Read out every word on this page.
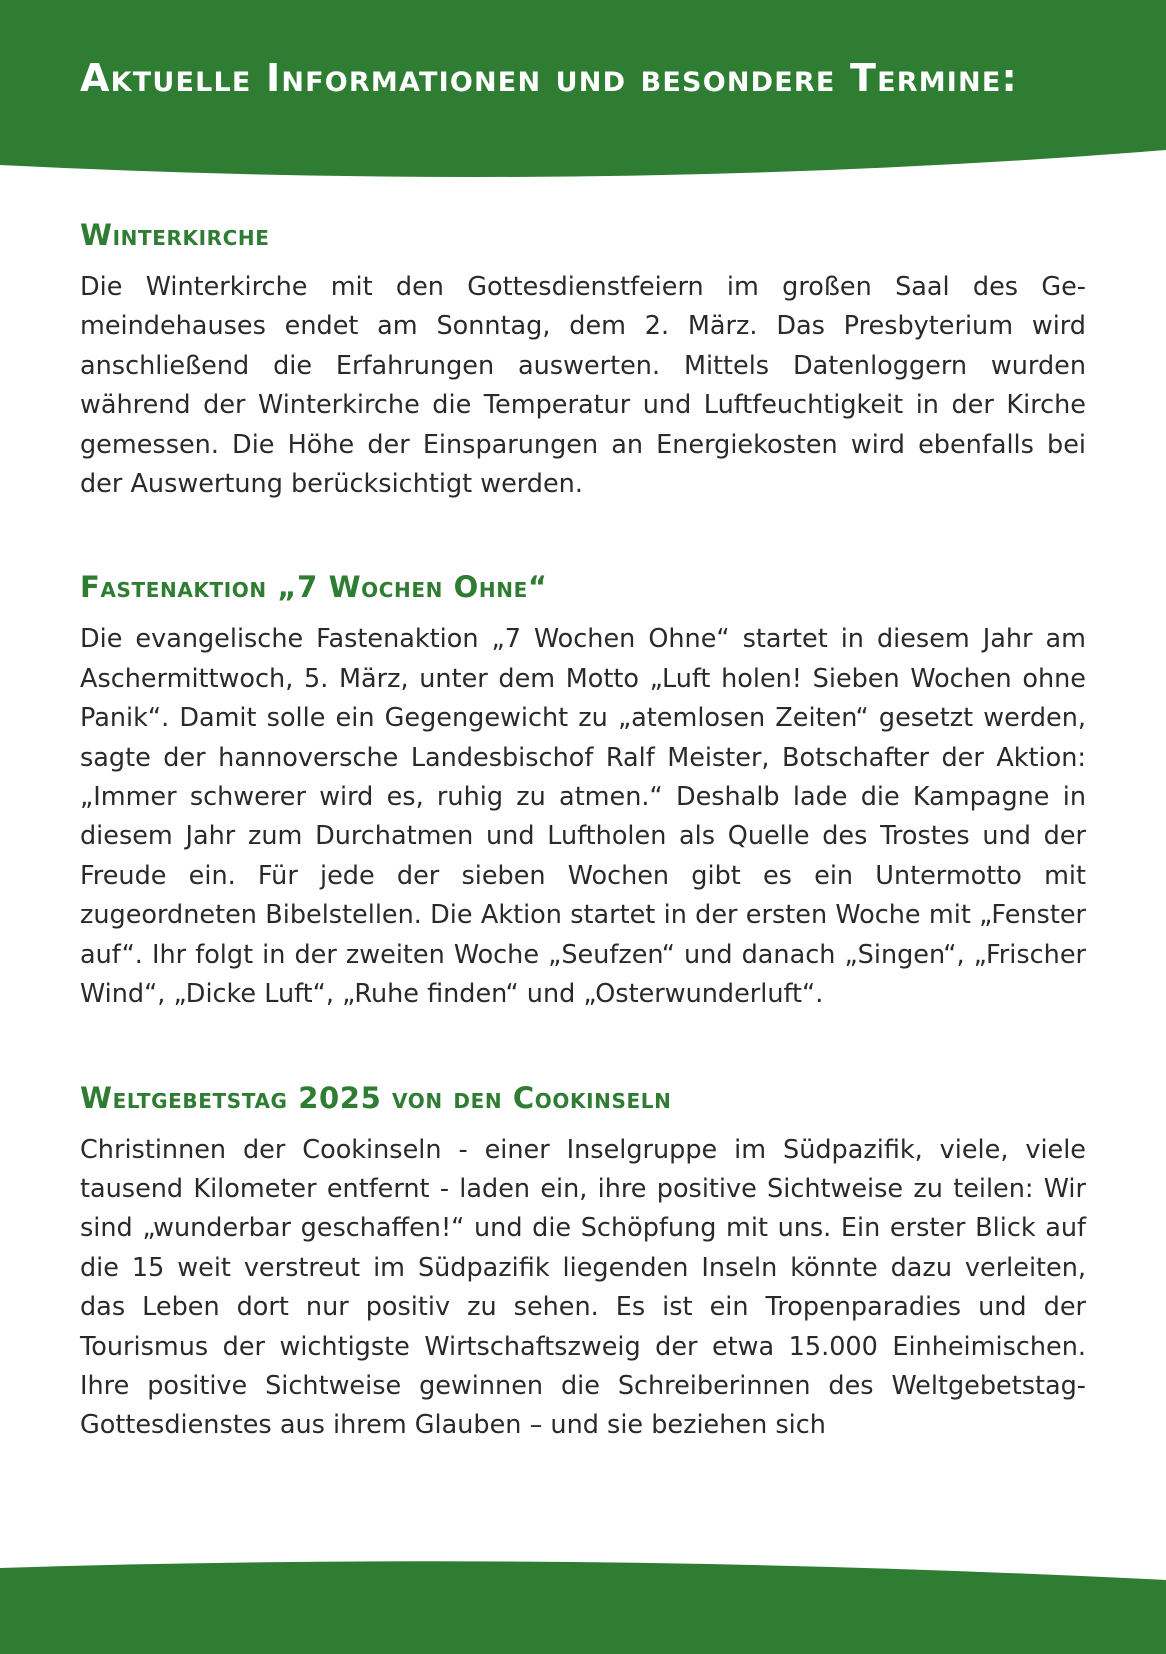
Aktuelle Informationen und besondere Termine:
Winterkirche

Die Winterkirche mit den Gottesdienstfeiern im großen Saal des Gemeindehauses endet am Sonntag, dem 2. März. Das Presbyterium wird anschließend die Erfahrungen auswerten. Mittels Datenloggern wurden während der Winterkirche die Temperatur und Luftfeuchtigkeit in der Kirche gemessen. Die Höhe der Einsparungen an Energiekosten wird ebenfalls bei der Auswertung berücksichtigt werden.

Fastenaktion „7 Wochen Ohne“

Die evangelische Fastenaktion „7 Wochen Ohne“ startet in diesem Jahr am Aschermittwoch, 5. März, unter dem Motto „Luft holen! Sieben Wochen ohne Panik“. Damit solle ein Gegengewicht zu „atemlosen Zeiten“ gesetzt werden, sagte der hannoversche Landesbischof Ralf Meister, Botschafter der Aktion: „Immer schwerer wird es, ruhig zu atmen.“ Deshalb lade die Kampagne in diesem Jahr zum Durchatmen und Luftholen als Quelle des Trostes und der Freude ein. Für jede der sieben Wochen gibt es ein Untermotto mit zugeordneten Bibelstellen. Die Aktion startet in der ersten Woche mit „Fenster auf“. Ihr folgt in der zweiten Woche „Seufzen“ und danach „Singen“, „Frischer Wind“, „Dicke Luft“, „Ruhe finden“ und „Osterwunderluft“.

Weltgebetstag 2025 von den Cookinseln

Christinnen der Cookinseln - einer Inselgruppe im Südpazifik, viele, viele tausend Kilometer entfernt - laden ein, ihre positive Sichtweise zu teilen: Wir sind „wunderbar geschaffen!“ und die Schöpfung mit uns. Ein erster Blick auf die 15 weit verstreut im Südpazifik liegenden Inseln könnte dazu verleiten, das Leben dort nur positiv zu sehen. Es ist ein Tropenparadies und der Tourismus der wichtigste Wirtschaftszweig der etwa 15.000 Einheimischen. Ihre positive Sichtweise gewinnen die Schreiberinnen des Weltgebetstag-Gottesdienstes aus ihrem Glauben – und sie beziehen sich
